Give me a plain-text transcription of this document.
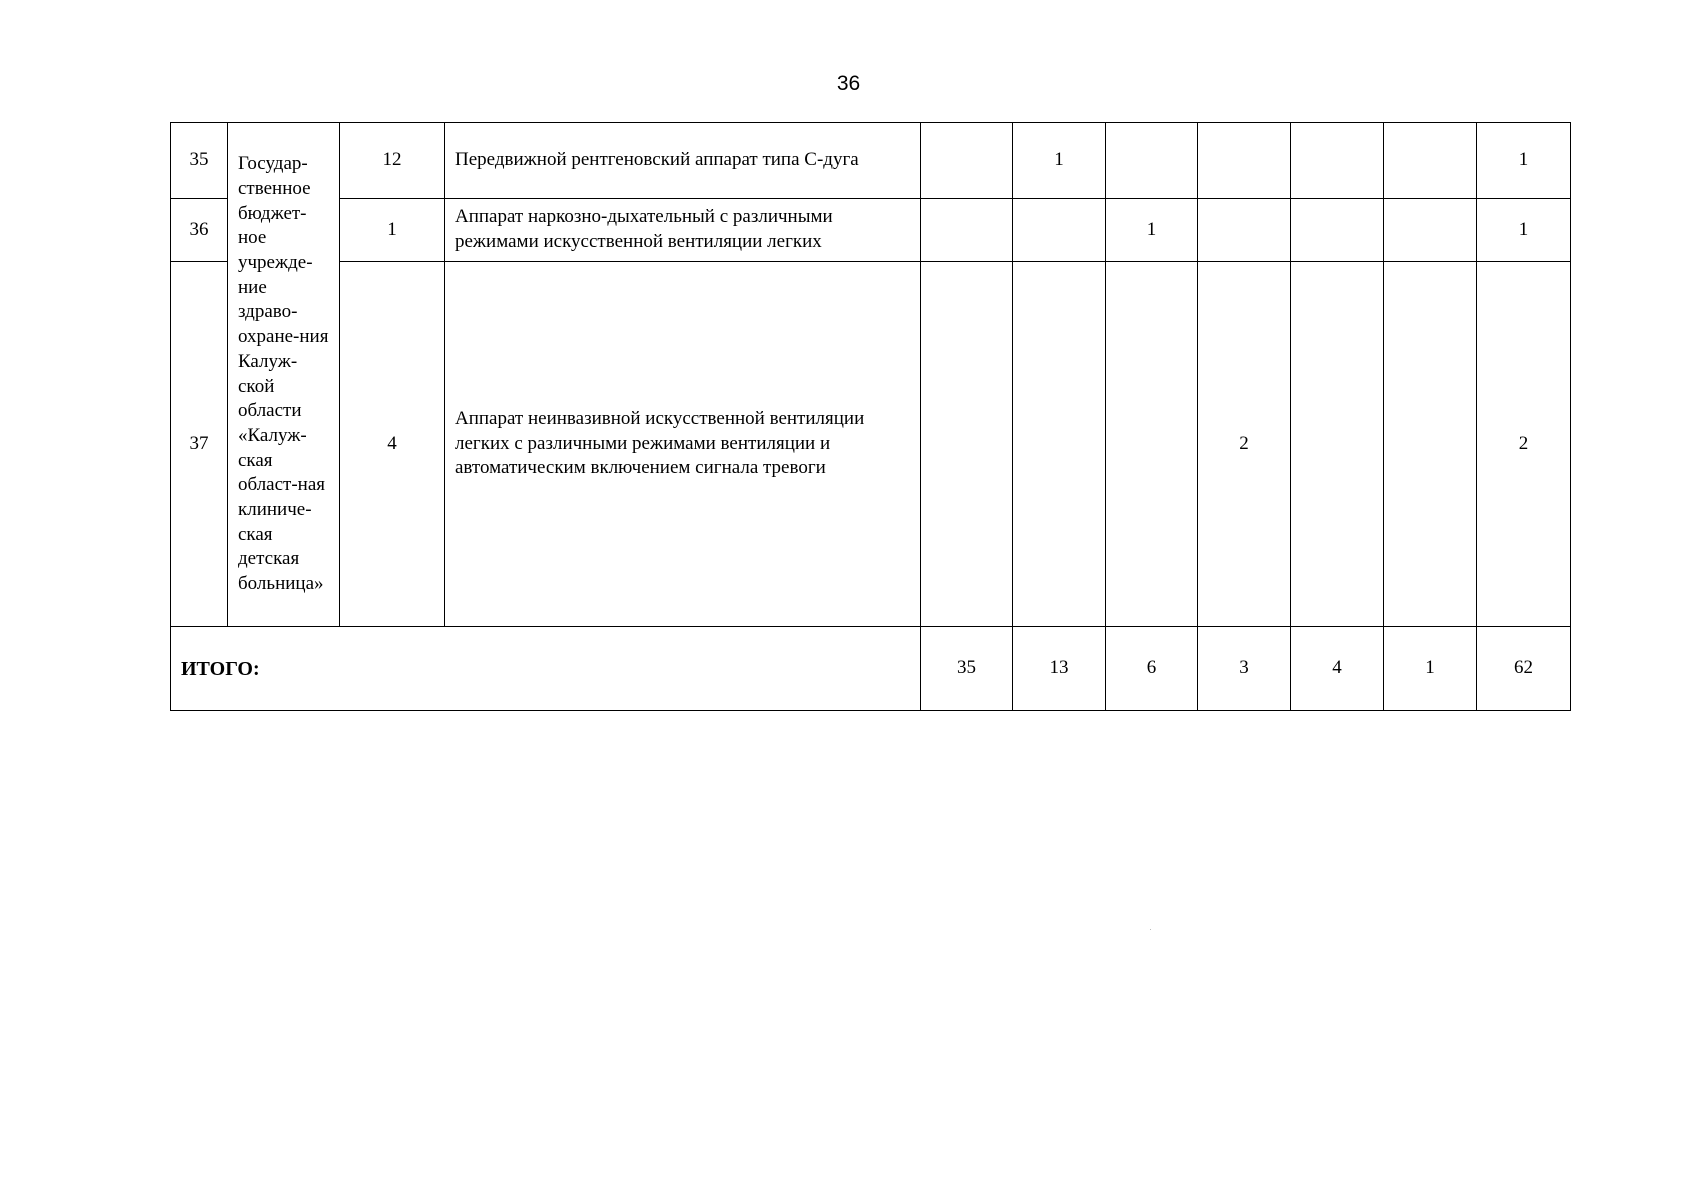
36
35	Государ-ственное бюджет-ное учрежде-ние здраво-охране-ния Калуж-ской области «Калуж-ская област-ная клиниче-ская детская больница»	12	Передвижной рентгеновский аппарат типа С-дуга		1					1
36		1	Аппарат наркозно-дыхательный с различными режимами искусственной вентиляции легких			1				1
37		4	Аппарат неинвазивной искусственной вентиляции легких с различными режимами вентиляции и автоматическим включением сигнала тревоги				2			2
ИТОГО:				35	13	6	3	4	1	62
